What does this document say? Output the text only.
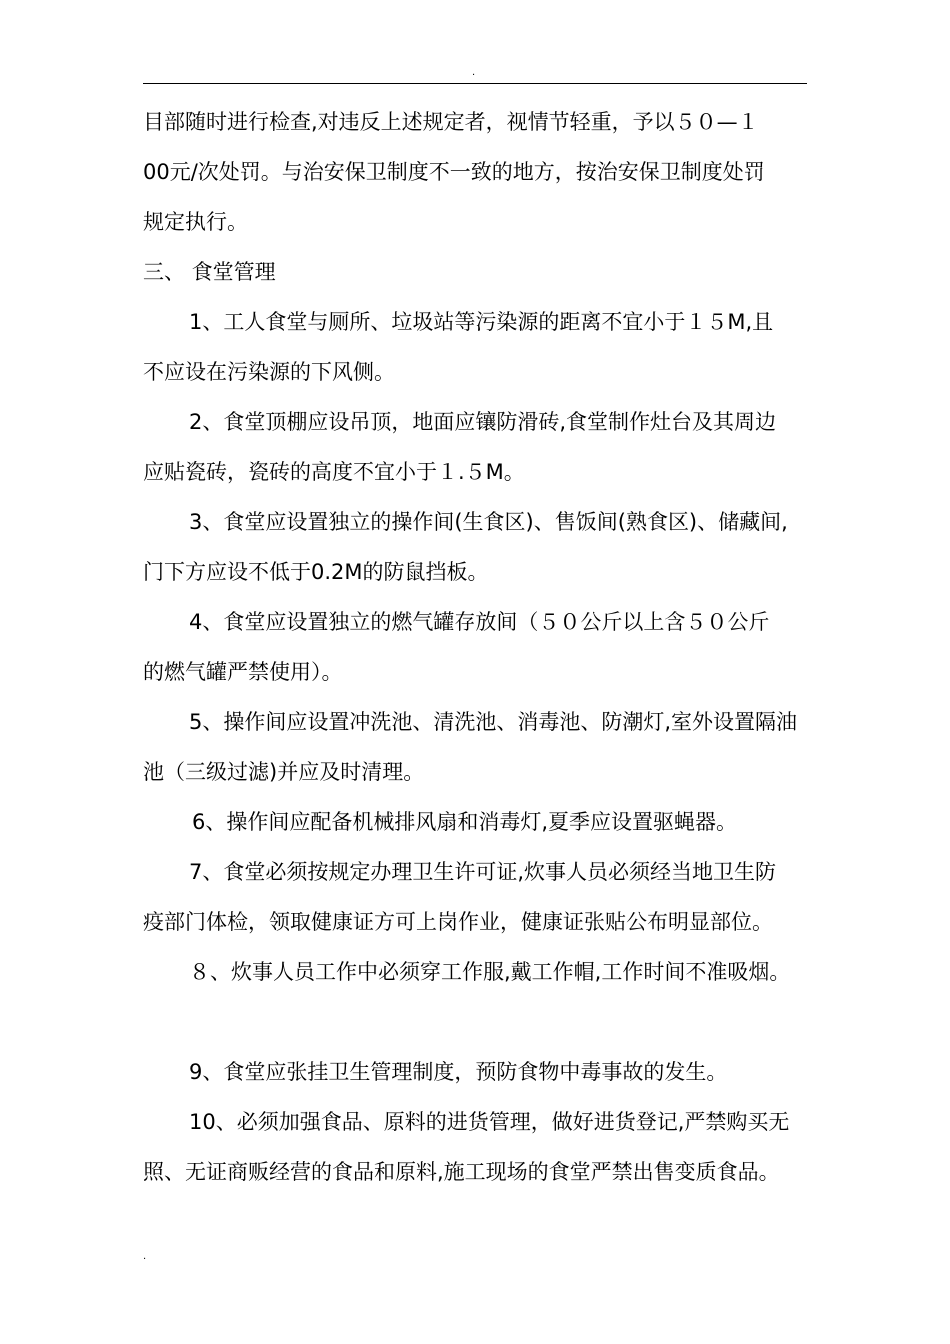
.
目部随时进行检查,对违反上述规定者，视情节轻重，予以５０—１
00元/次处罚。与治安保卫制度不一致的地方，按治安保卫制度处罚
规定执行。
三、 食堂管理
1、工人食堂与厕所、垃圾站等污染源的距离不宜小于１５M,且
不应设在污染源的下风侧。
2、食堂顶棚应设吊顶，地面应镶防滑砖,食堂制作灶台及其周边
应贴瓷砖，瓷砖的高度不宜小于１.５M。
3、食堂应设置独立的操作间(生食区)、售饭间(熟食区)、储藏间,
门下方应设不低于0.2M的防鼠挡板。
4、食堂应设置独立的燃气罐存放间（５０公斤以上含５０公斤
的燃气罐严禁使用）。
5、操作间应设置冲洗池、清洗池、消毒池、防潮灯,室外设置隔油
池（三级过滤)并应及时清理。
6、操作间应配备机械排风扇和消毒灯,夏季应设置驱蝇器。
7、食堂必须按规定办理卫生许可证,炊事人员必须经当地卫生防
疫部门体检，领取健康证方可上岗作业，健康证张贴公布明显部位。
８、炊事人员工作中必须穿工作服,戴工作帽,工作时间不准吸烟。
9、食堂应张挂卫生管理制度，预防食物中毒事故的发生。
10、必须加强食品、原料的进货管理，做好进货登记,严禁购买无
照、无证商贩经营的食品和原料,施工现场的食堂严禁出售变质食品。
.
